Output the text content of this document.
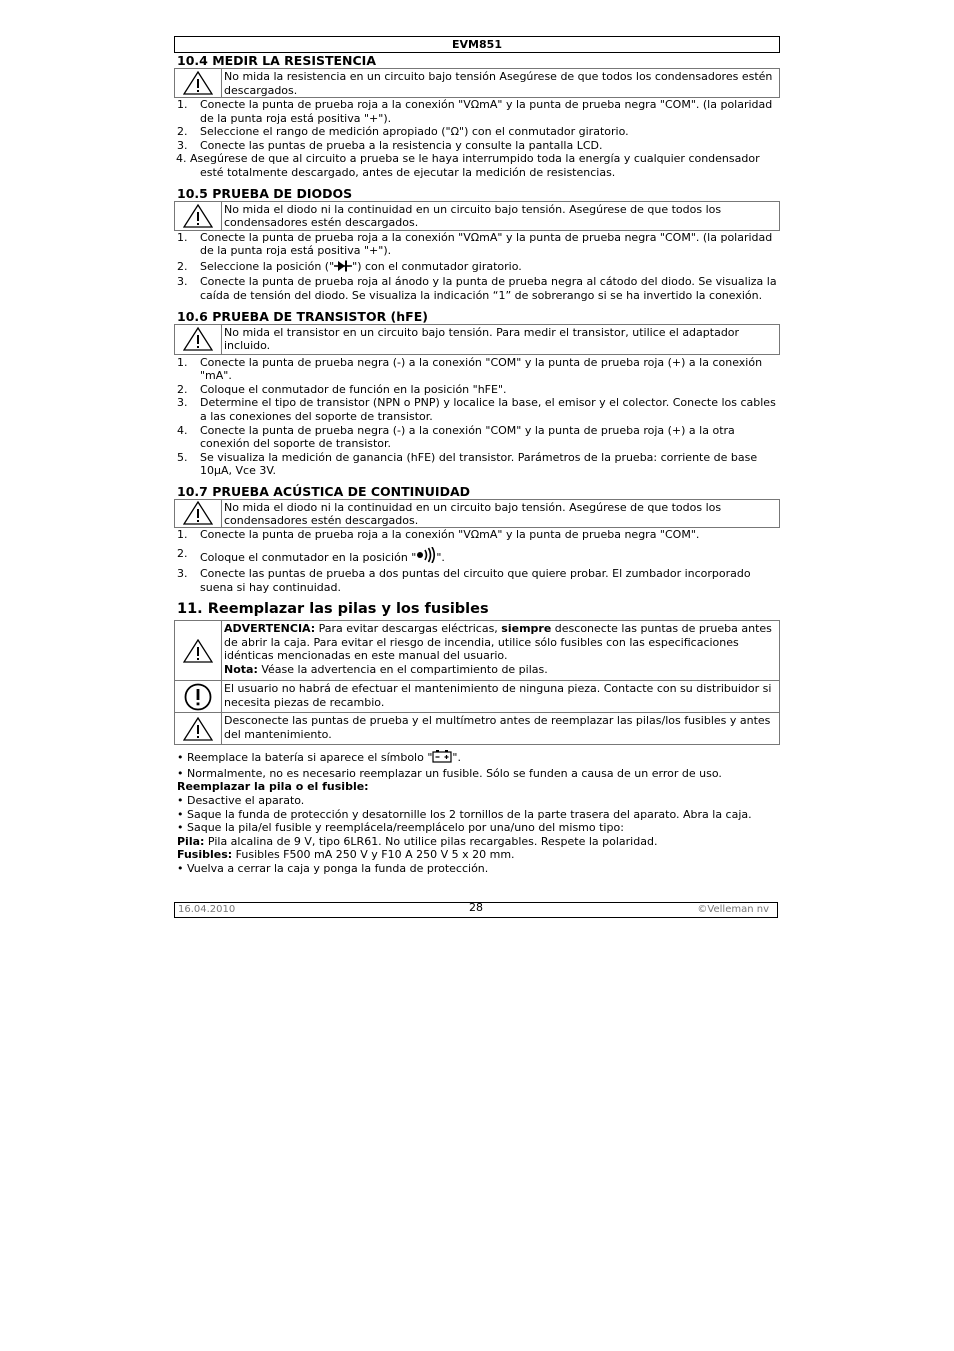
EVM851
10.4 MEDIR LA RESISTENCIA
No mida la resistencia en un circuito bajo tensión Asegúrese de que todos los condensadores estén descargados.
1.	Conecte la punta de prueba roja a la conexión "VΩmA" y la punta de prueba negra "COM". (la polaridad de la punta roja está positiva "+").
2.	Seleccione el rango de medición apropiado ("Ω") con el conmutador giratorio.
3.	Conecte las puntas de prueba a la resistencia y consulte la pantalla LCD.
4. Asegúrese de que al circuito a prueba se le haya interrumpido toda la energía y cualquier condensador esté totalmente descargado, antes de ejecutar la medición de resistencias.
10.5 PRUEBA DE DIODOS
No mida el diodo ni la continuidad en un circuito bajo tensión. Asegúrese de que todos los condensadores estén descargados.
1.	Conecte la punta de prueba roja a la conexión "VΩmA" y la punta de prueba negra "COM". (la polaridad de la punta roja está positiva "+").
2.	Seleccione la posición (" ") con el conmutador giratorio.
3.	Conecte la punta de prueba roja al ánodo y la punta de prueba negra al cátodo del diodo. Se visualiza la caída de tensión del diodo. Se visualiza la indicación “1” de sobrerango si se ha invertido la conexión.
10.6 PRUEBA DE TRANSISTOR (hFE)
No mida el transistor en un circuito bajo tensión. Para medir el transistor, utilice el adaptador incluido.
1.	Conecte la punta de prueba negra (-) a la conexión "COM" y la punta de prueba roja (+) a la conexión "mA".
2.	Coloque el conmutador de función en la posición "hFE".
3.	Determine el tipo de transistor (NPN o PNP) y localice la base, el emisor y el colector. Conecte los cables a las conexiones del soporte de transistor.
4.	Conecte la punta de prueba negra (-) a la conexión "COM" y la punta de prueba roja (+) a la otra conexión del soporte de transistor.
5.	Se visualiza la medición de ganancia (hFE) del transistor. Parámetros de la prueba: corriente de base 10µA, Vce 3V.
10.7 PRUEBA ACÚSTICA DE CONTINUIDAD
No mida el diodo ni la continuidad en un circuito bajo tensión. Asegúrese de que todos los condensadores estén descargados.
1.	Conecte la punta de prueba roja a la conexión "VΩmA" y la punta de prueba negra "COM".
2.	Coloque el conmutador en la posición " ".
3.	Conecte las puntas de prueba a dos puntas del circuito que quiere probar. El zumbador incorporado suena si hay continuidad.
11. Reemplazar las pilas y los fusibles
ADVERTENCIA: Para evitar descargas eléctricas, siempre desconecte las puntas de prueba antes de abrir la caja. Para evitar el riesgo de incendia, utilice sólo fusibles con las especificaciones idénticas mencionadas en este manual del usuario.
Nota: Véase la advertencia en el compartimiento de pilas.
El usuario no habrá de efectuar el mantenimiento de ninguna pieza. Contacte con su distribuidor si necesita piezas de recambio.
Desconecte las puntas de prueba y el multímetro antes de reemplazar las pilas/los fusibles y antes del mantenimiento.
• Reemplace la batería si aparece el símbolo " ".
• Normalmente, no es necesario reemplazar un fusible. Sólo se funden a causa de un error de uso.
Reemplazar la pila o el fusible:
• Desactive el aparato.
• Saque la funda de protección y desatornille los 2 tornillos de la parte trasera del aparato. Abra la caja.
• Saque la pila/el fusible y reemplácela/reemplácelo por una/uno del mismo tipo:
Pila: Pila alcalina de 9 V, tipo 6LR61. No utilice pilas recargables. Respete la polaridad.
Fusibles: Fusibles F500 mA 250 V y F10 A 250 V 5 x 20 mm.
• Vuelva a cerrar la caja y ponga la funda de protección.
16.04.2010	28	©Velleman nv
